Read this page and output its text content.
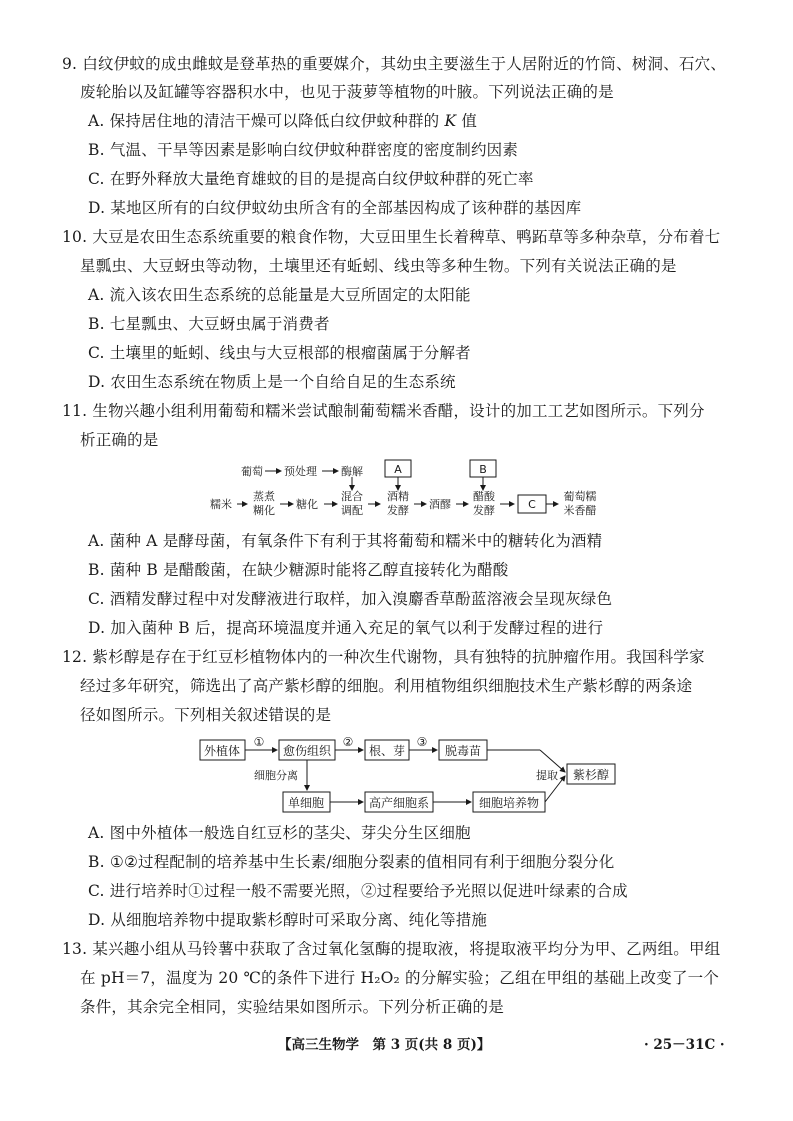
9. 白纹伊蚊的成虫雌蚊是登革热的重要媒介，其幼虫主要滋生于人居附近的竹筒、树洞、石穴、
废轮胎以及缸罐等容器积水中，也见于菠萝等植物的叶腋。下列说法正确的是
A. 保持居住地的清洁干燥可以降低白纹伊蚊种群的 K 值
B. 气温、干旱等因素是影响白纹伊蚊种群密度的密度制约因素
C. 在野外释放大量绝育雄蚊的目的是提高白纹伊蚊种群的死亡率
D. 某地区所有的白纹伊蚊幼虫所含有的全部基因构成了该种群的基因库
10. 大豆是农田生态系统重要的粮食作物，大豆田里生长着稗草、鸭跖草等多种杂草，分布着七
星瓢虫、大豆蚜虫等动物，土壤里还有蚯蚓、线虫等多种生物。下列有关说法正确的是
A. 流入该农田生态系统的总能量是大豆所固定的太阳能
B. 七星瓢虫、大豆蚜虫属于消费者
C. 土壤里的蚯蚓、线虫与大豆根部的根瘤菌属于分解者
D. 农田生态系统在物质上是一个自给自足的生态系统
11. 生物兴趣小组利用葡萄和糯米尝试酿制葡萄糯米香醋，设计的加工工艺如图所示。下列分
析正确的是
葡萄 预处理 酶解	A	B
糯米
蒸煮
糊化 糖化
混合
调配
酒精
发酵 酒醪
醋酸
发酵	C
葡萄糯
米香醋
A. 菌种 A 是酵母菌，有氧条件下有利于其将葡萄和糯米中的糖转化为酒精
B. 菌种 B 是醋酸菌，在缺少糖源时能将乙醇直接转化为醋酸
C. 酒精发酵过程中对发酵液进行取样，加入溴麝香草酚蓝溶液会呈现灰绿色
D. 加入菌种 B 后，提高环境温度并通入充足的氧气以利于发酵过程的进行
12. 紫杉醇是存在于红豆杉植物体内的一种次生代谢物，具有独特的抗肿瘤作用。我国科学家
经过多年研究，筛选出了高产紫杉醇的细胞。利用植物组织细胞技术生产紫杉醇的两条途
径如图所示。下列相关叙述错误的是
外植体
①
愈伤组织
②
根、芽
③
脱毒苗
细胞分离	提取 紫杉醇
单细胞	高产细胞系	细胞培养物
A. 图中外植体一般选自红豆杉的茎尖、芽尖分生区细胞
B. ①②过程配制的培养基中生长素/细胞分裂素的值相同有利于细胞分裂分化
C. 进行培养时①过程一般不需要光照，②过程要给予光照以促进叶绿素的合成
D. 从细胞培养物中提取紫杉醇时可采取分离、纯化等措施
13. 某兴趣小组从马铃薯中获取了含过氧化氢酶的提取液，将提取液平均分为甲、乙两组。甲组
在 pH＝7，温度为 20 ℃的条件下进行 H₂O₂ 的分解实验；乙组在甲组的基础上改变了一个
条件，其余完全相同，实验结果如图所示。下列分析正确的是
【高三生物学　第 3 页(共 8 页)】	· 25－31C ·
